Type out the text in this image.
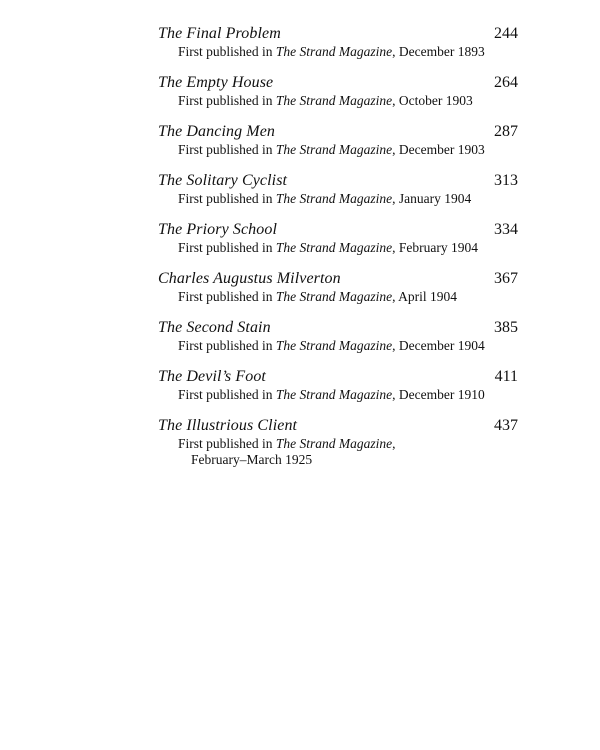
The Final Problem	244
First published in The Strand Magazine, December 1893
The Empty House	264
First published in The Strand Magazine, October 1903
The Dancing Men	287
First published in The Strand Magazine, December 1903
The Solitary Cyclist	313
First published in The Strand Magazine, January 1904
The Priory School	334
First published in The Strand Magazine, February 1904
Charles Augustus Milverton	367
First published in The Strand Magazine, April 1904
The Second Stain	385
First published in The Strand Magazine, December 1904
The Devil’s Foot	411
First published in The Strand Magazine, December 1910
The Illustrious Client	437
First published in The Strand Magazine,
February–March 1925
